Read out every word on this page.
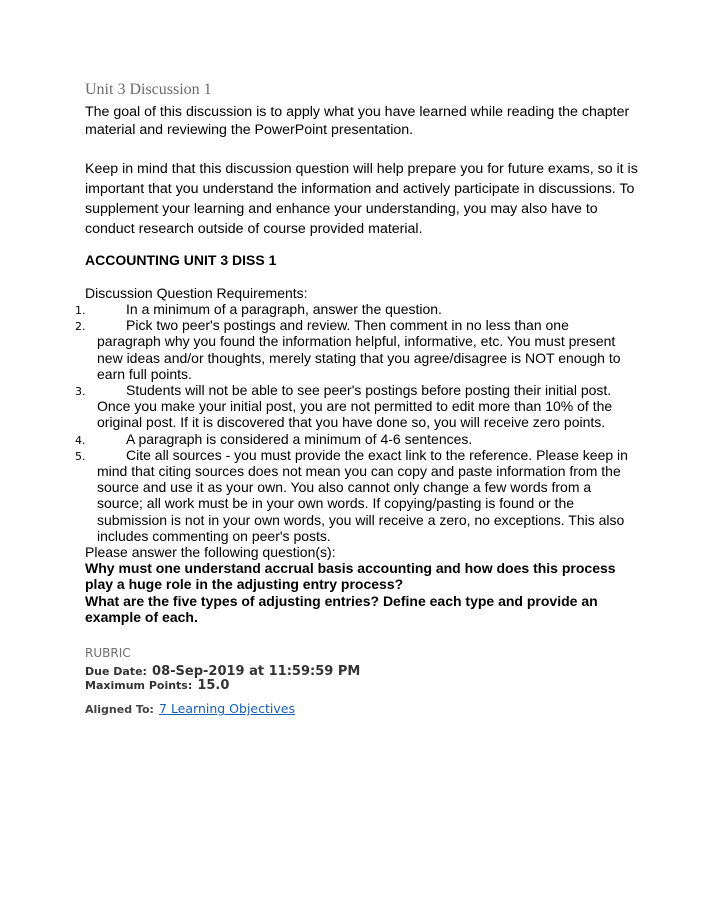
Unit 3 Discussion 1
The goal of this discussion is to apply what you have learned while reading the chapter material and reviewing the PowerPoint presentation.
Keep in mind that this discussion question will help prepare you for future exams, so it is important that you understand the information and actively participate in discussions. To supplement your learning and enhance your understanding, you may also have to conduct research outside of course provided material.
ACCOUNTING UNIT 3 DISS 1
Discussion Question Requirements:
1.	In a minimum of a paragraph, answer the question.
2.	Pick two peer's postings and review. Then comment in no less than one paragraph why you found the information helpful, informative, etc. You must present new ideas and/or thoughts, merely stating that you agree/disagree is NOT enough to earn full points.
3.	Students will not be able to see peer's postings before posting their initial post. Once you make your initial post, you are not permitted to edit more than 10% of the original post. If it is discovered that you have done so, you will receive zero points.
4.	A paragraph is considered a minimum of 4-6 sentences.
5.	Cite all sources - you must provide the exact link to the reference. Please keep in mind that citing sources does not mean you can copy and paste information from the source and use it as your own. You also cannot only change a few words from a source; all work must be in your own words. If copying/pasting is found or the submission is not in your own words, you will receive a zero, no exceptions. This also includes commenting on peer's posts.
Please answer the following question(s):
Why must one understand accrual basis accounting and how does this process play a huge role in the adjusting entry process?
What are the five types of adjusting entries? Define each type and provide an example of each.
RUBRIC
Due Date: 08-Sep-2019 at 11:59:59 PM
Maximum Points: 15.0
Aligned To: 7 Learning Objectives
